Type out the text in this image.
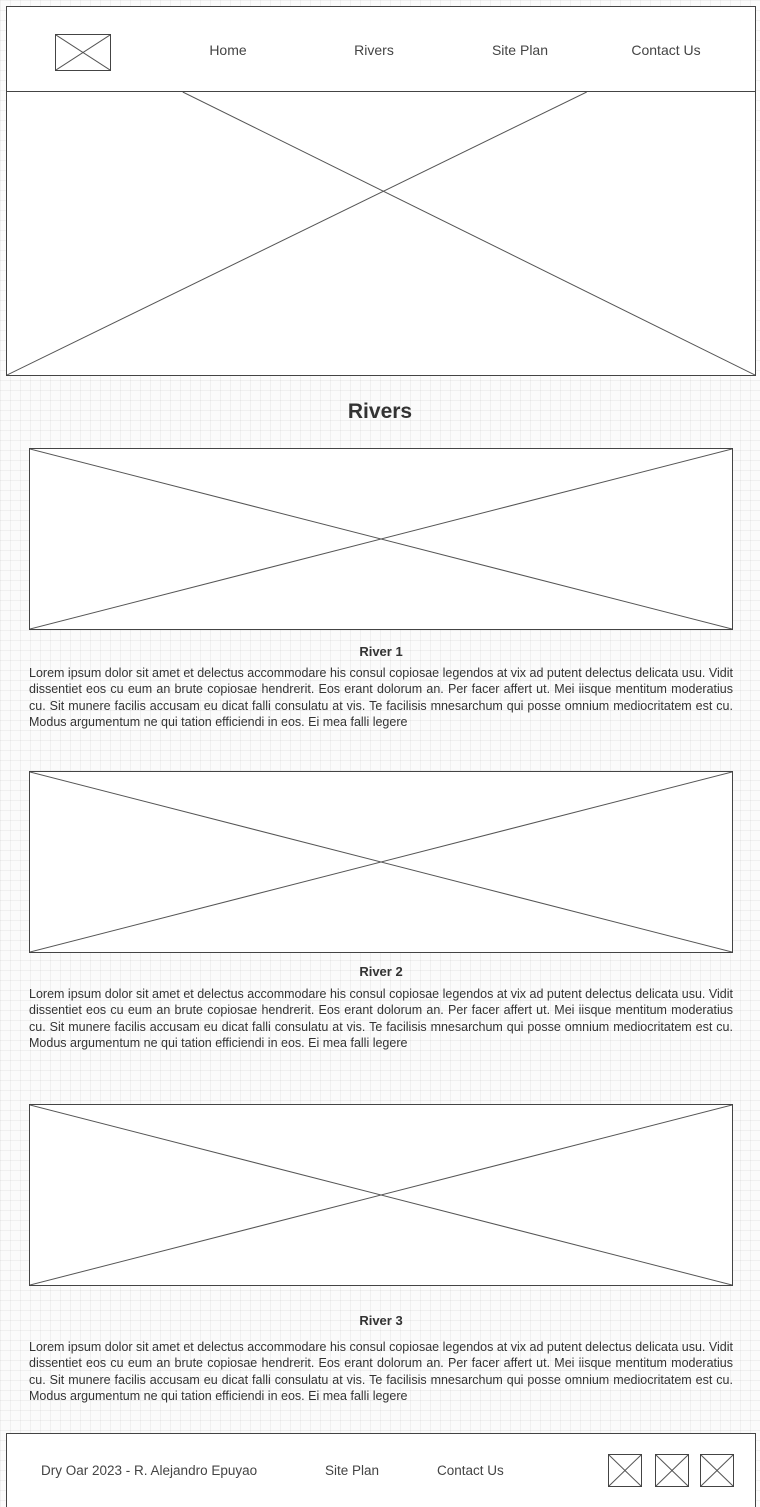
Home	Rivers	Site Plan	Contact Us
Rivers
River 1
Lorem ipsum dolor sit amet et delectus accommodare his consul copiosae legendos at vix ad putent delectus delicata usu. Vidit dissentiet eos cu eum an brute copiosae hendrerit. Eos erant dolorum an. Per facer affert ut. Mei iisque mentitum moderatius cu. Sit munere facilis accusam eu dicat falli consulatu at vis. Te facilisis mnesarchum qui posse omnium mediocritatem est cu. Modus argumentum ne qui tation efficiendi in eos. Ei mea falli legere
River 2
Lorem ipsum dolor sit amet et delectus accommodare his consul copiosae legendos at vix ad putent delectus delicata usu. Vidit dissentiet eos cu eum an brute copiosae hendrerit. Eos erant dolorum an. Per facer affert ut. Mei iisque mentitum moderatius cu. Sit munere facilis accusam eu dicat falli consulatu at vis. Te facilisis mnesarchum qui posse omnium mediocritatem est cu. Modus argumentum ne qui tation efficiendi in eos. Ei mea falli legere
River 3
Lorem ipsum dolor sit amet et delectus accommodare his consul copiosae legendos at vix ad putent delectus delicata usu. Vidit dissentiet eos cu eum an brute copiosae hendrerit. Eos erant dolorum an. Per facer affert ut. Mei iisque mentitum moderatius cu. Sit munere facilis accusam eu dicat falli consulatu at vis. Te facilisis mnesarchum qui posse omnium mediocritatem est cu. Modus argumentum ne qui tation efficiendi in eos. Ei mea falli legere
Dry Oar 2023 - R. Alejandro Epuyao	Site Plan	Contact Us
